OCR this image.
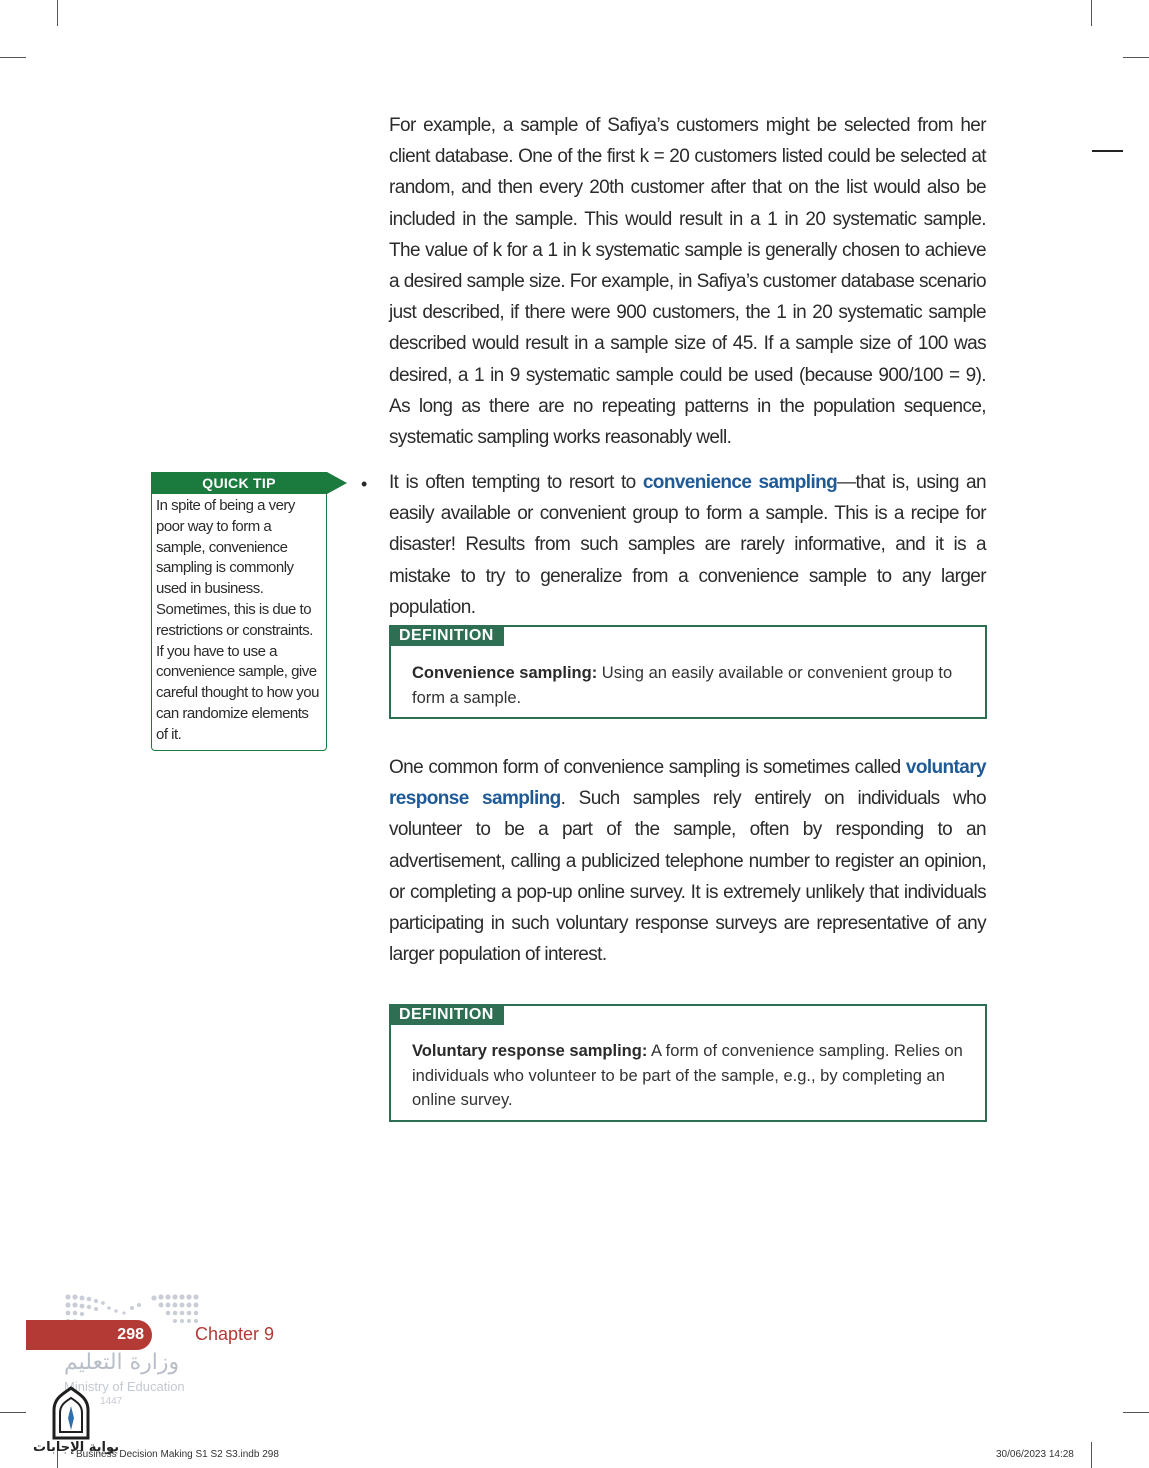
For example, a sample of Safiya’s customers might be selected from her client database. One of the first k = 20 customers listed could be selected at random, and then every 20th customer after that on the list would also be included in the sample. This would result in a 1 in 20 systematic sample. The value of k for a 1 in k systematic sample is generally chosen to achieve a desired sample size. For example, in Safiya’s customer database scenario just described, if there were 900 customers, the 1 in 20 systematic sample described would result in a sample size of 45. If a sample size of 100 was desired, a 1 in 9 systematic sample could be used (because 900/100 = 9). As long as there are no repeating patterns in the population sequence, systematic sampling works reasonably well.

QUICK TIP
In spite of being a very poor way to form a sample, convenience sampling is commonly used in business. Sometimes, this is due to restrictions or constraints. If you have to use a convenience sample, give careful thought to how you can randomize elements of it.
• It is often tempting to resort to convenience sampling—that is, using an easily available or convenient group to form a sample. This is a recipe for disaster! Results from such samples are rarely informative, and it is a mistake to try to generalize from a convenience sample to any larger population.

DEFINITION
Convenience sampling: Using an easily available or convenient group to form a sample.

One common form of convenience sampling is sometimes called voluntary response sampling. Such samples rely entirely on individuals who volunteer to be a part of the sample, often by responding to an advertisement, calling a publicized telephone number to register an opinion, or completing a pop-up online survey. It is extremely unlikely that individuals participating in such voluntary response surveys are representative of any larger population of interest.

DEFINITION
Voluntary response sampling: A form of convenience sampling. Relies on individuals who volunteer to be part of the sample, e.g., by completing an online survey.
298	Chapter 9
وزارة التعليم
Ministry of Education
1447
بوابة الإجابات
Business Decision Making S1 S2 S3.indb 298	30/06/2023 14:28
